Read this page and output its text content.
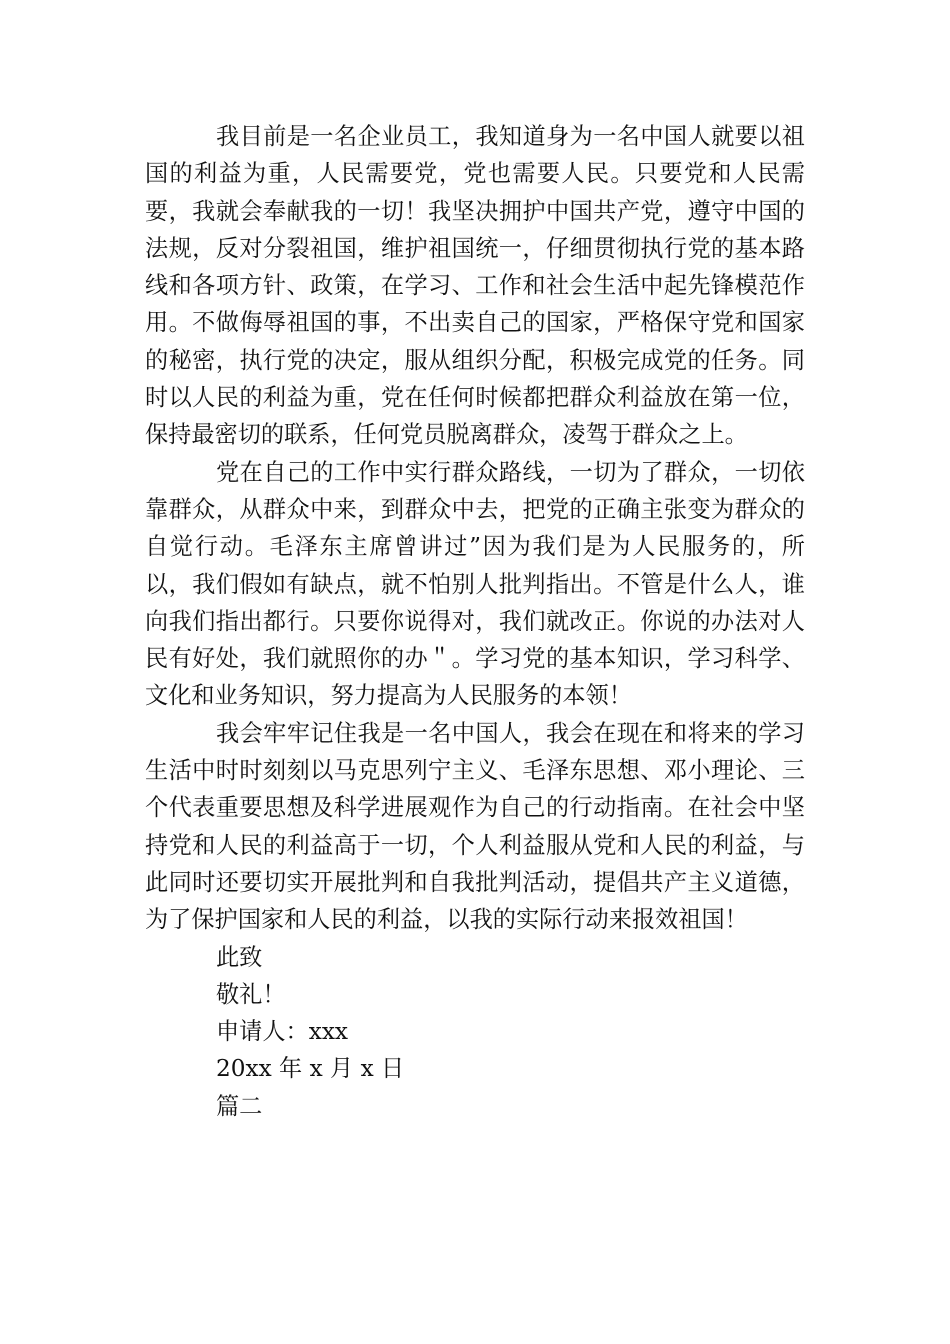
我目前是一名企业员工，我知道身为一名中国人就要以祖国的利益为重，人民需要党，党也需要人民。只要党和人民需要，我就会奉献我的一切！我坚决拥护中国共产党，遵守中国的法规，反对分裂祖国，维护祖国统一，仔细贯彻执行党的基本路线和各项方针、政策，在学习、工作和社会生活中起先锋模范作用。不做侮辱祖国的事，不出卖自己的国家，严格保守党和国家的秘密，执行党的决定，服从组织分配，积极完成党的任务。同时以人民的利益为重，党在任何时候都把群众利益放在第一位，保持最密切的联系，任何党员脱离群众，凌驾于群众之上。

党在自己的工作中实行群众路线，一切为了群众，一切依靠群众，从群众中来，到群众中去，把党的正确主张变为群众的自觉行动。毛泽东主席曾讲过”因为我们是为人民服务的，所以，我们假如有缺点，就不怕别人批判指出。不管是什么人，谁向我们指出都行。只要你说得对，我们就改正。你说的办法对人民有好处，我们就照你的办＂。学习党的基本知识，学习科学、文化和业务知识，努力提高为人民服务的本领！

我会牢牢记住我是一名中国人，我会在现在和将来的学习生活中时时刻刻以马克思列宁主义、毛泽东思想、邓小理论、三个代表重要思想及科学进展观作为自己的行动指南。在社会中坚持党和人民的利益高于一切，个人利益服从党和人民的利益，与此同时还要切实开展批判和自我批判活动，提倡共产主义道德，为了保护国家和人民的利益，以我的实际行动来报效祖国！

此致

敬礼！

申请人：xxx

20xx 年 x 月 x 日

篇二
